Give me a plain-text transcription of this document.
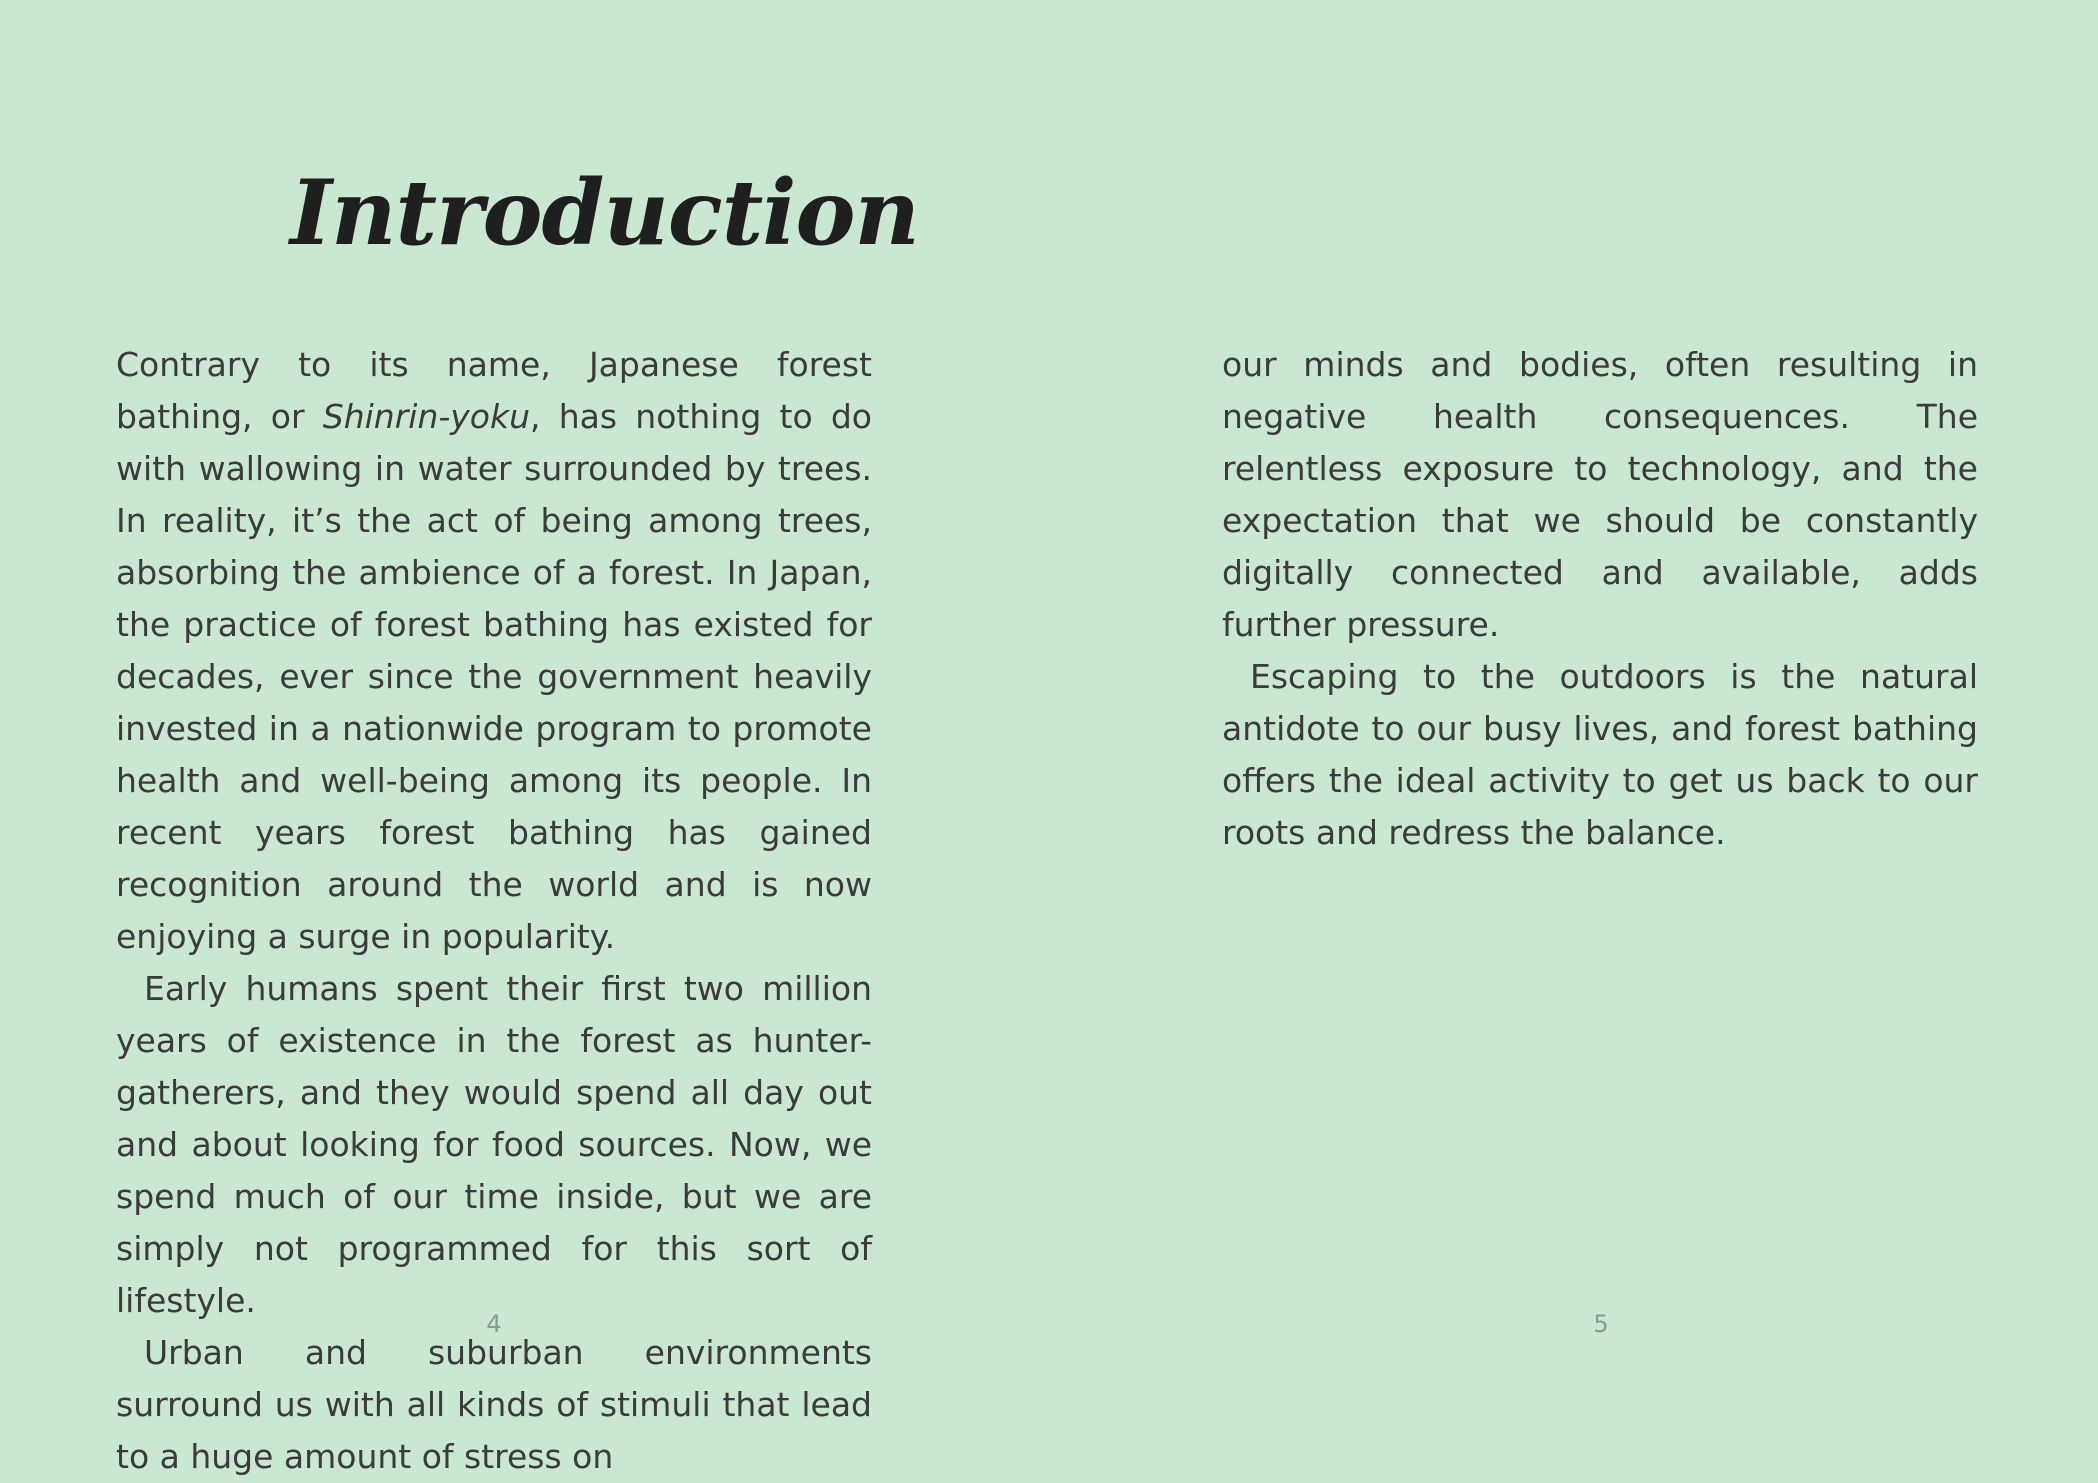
Introduction

Contrary to its name, Japanese forest bathing, or Shinrin-yoku, has nothing to do with wallowing in water surrounded by trees. In reality, it’s the act of being among trees, absorbing the ambience of a forest. In Japan, the practice of forest bathing has existed for decades, ever since the government heavily invested in a nationwide program to promote health and well-being among its people. In recent years forest bathing has gained recognition around the world and is now enjoying a surge in popularity.

Early humans spent their first two million years of existence in the forest as hunter-gatherers, and they would spend all day out and about looking for food sources. Now, we spend much of our time inside, but we are simply not programmed for this sort of lifestyle.

Urban and suburban environments surround us with all kinds of stimuli that lead to a huge amount of stress on

4

our minds and bodies, often resulting in negative health consequences. The relentless exposure to technology, and the expectation that we should be constantly digitally connected and available, adds further pressure.

Escaping to the outdoors is the natural antidote to our busy lives, and forest bathing offers the ideal activity to get us back to our roots and redress the balance.

5
